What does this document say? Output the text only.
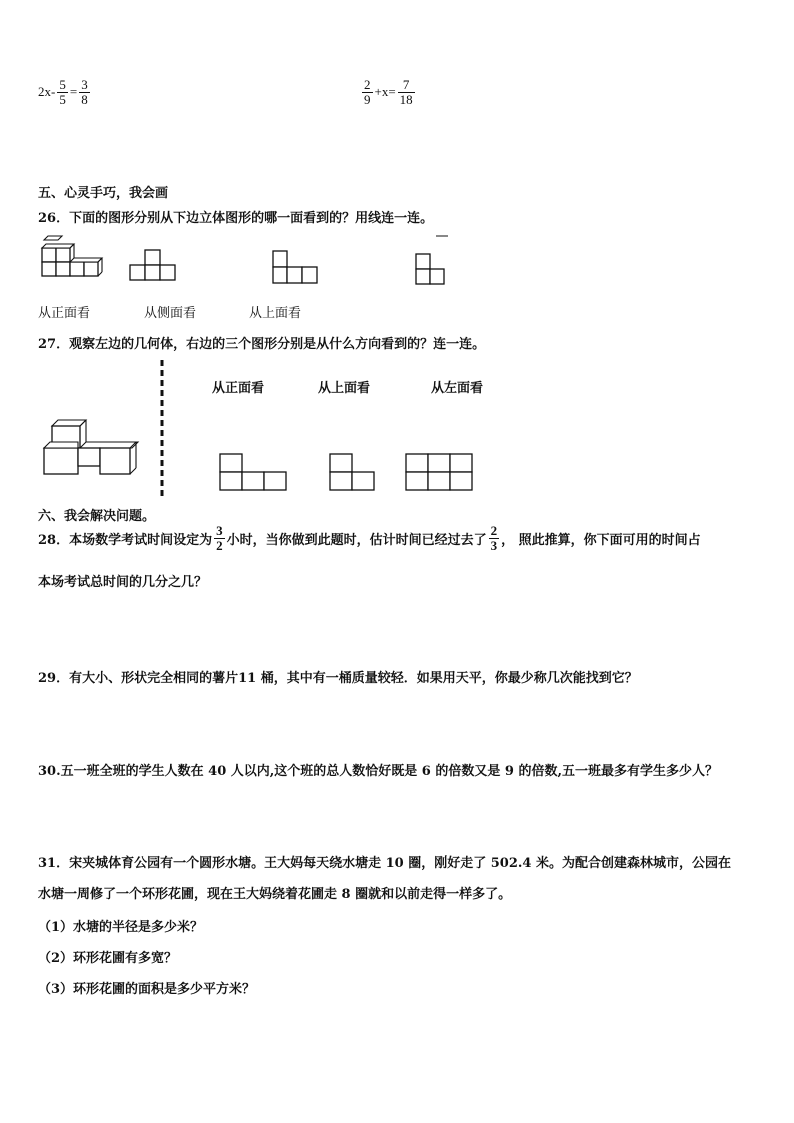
$2x- \frac{5}{5} = \frac{3}{8}$	$\frac{2}{9} +x= \frac{7}{18}$
五、心灵手巧，我会画
26．下面的图形分别从下边立体图形的哪一面看到的？用线连一连。
从正面看	从侧面看	从上面看
27．观察左边的几何体，右边的三个图形分别是从什么方向看到的？连一连。
从正面看	从上面看	从左面看
六、我会解决问题。
28．本场数学考试时间设定为 $\frac{3}{2}$ 小时，当你做到此题时，估计时间已经过去了 $\frac{2}{3}$ ， 照此推算，你下面可用的时间占
本场考试总时间的几分之几？
29．有大小、形状完全相同的薯片11 桶，其中有一桶质量较轻．如果用天平，你最少称几次能找到它？
30.五一班全班的学生人数在 40 人以内,这个班的总人数恰好既是 6 的倍数又是 9 的倍数,五一班最多有学生多少人？
31．宋夹城体育公园有一个圆形水塘。王大妈每天绕水塘走 10 圈，刚好走了 502.4 米。为配合创建森林城市，公园在
水塘一周修了一个环形花圃，现在王大妈绕着花圃走 8 圈就和以前走得一样多了。
（1）水塘的半径是多少米？
（2）环形花圃有多宽？
（3）环形花圃的面积是多少平方米？
